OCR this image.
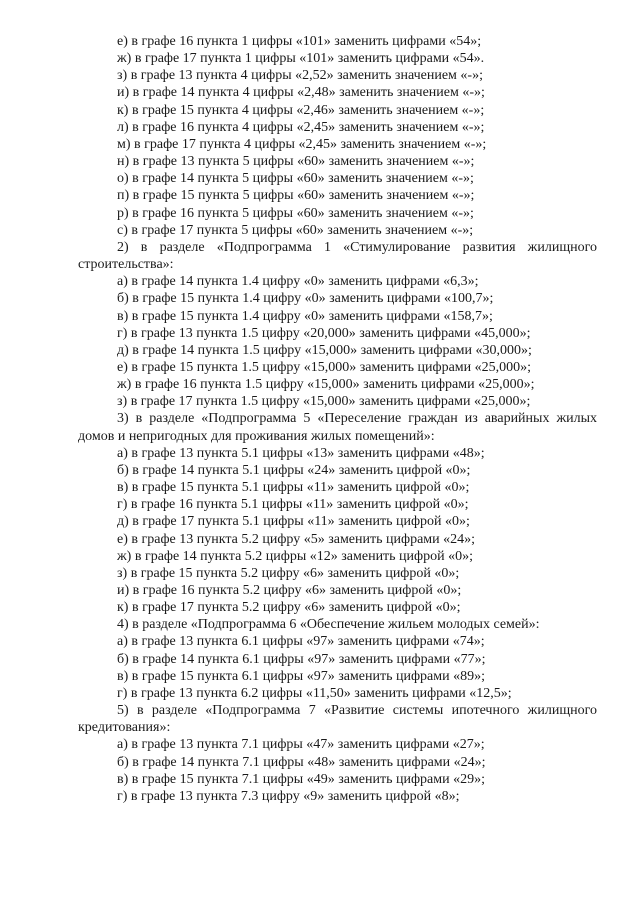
е) в графе 16 пункта 1 цифры «101» заменить цифрами «54»;
ж) в графе 17 пункта 1 цифры «101» заменить цифрами «54».
з) в графе 13 пункта 4 цифры «2,52» заменить значением «-»;
и) в графе 14 пункта 4 цифры «2,48» заменить значением «-»;
к) в графе 15 пункта 4 цифры «2,46» заменить значением «-»;
л) в графе 16 пункта 4 цифры «2,45» заменить значением «-»;
м) в графе 17 пункта 4 цифры «2,45» заменить значением «-»;
н) в графе 13 пункта 5 цифры «60» заменить значением «-»;
о) в графе 14 пункта 5 цифры «60» заменить значением «-»;
п) в графе 15 пункта 5 цифры «60» заменить значением «-»;
р) в графе 16 пункта 5 цифры «60» заменить значением «-»;
с) в графе 17 пункта 5 цифры «60» заменить значением «-»;
2) в разделе «Подпрограмма 1 «Стимулирование развития жилищного
строительства»:
а) в графе 14 пункта 1.4 цифру «0» заменить цифрами «6,3»;
б) в графе 15 пункта 1.4 цифру «0» заменить цифрами «100,7»;
в) в графе 15 пункта 1.4 цифру «0» заменить цифрами «158,7»;
г) в графе 13 пункта 1.5 цифру «20,000» заменить цифрами «45,000»;
д) в графе 14 пункта 1.5 цифру «15,000» заменить цифрами «30,000»;
е) в графе 15 пункта 1.5 цифру «15,000» заменить цифрами «25,000»;
ж) в графе 16 пункта 1.5 цифру «15,000» заменить цифрами «25,000»;
з) в графе 17 пункта 1.5 цифру «15,000» заменить цифрами «25,000»;
3) в разделе «Подпрограмма 5 «Переселение граждан из аварийных жилых
домов и непригодных для проживания жилых помещений»:
а) в графе 13 пункта 5.1 цифры «13» заменить цифрами «48»;
б) в графе 14 пункта 5.1 цифры «24» заменить цифрой «0»;
в) в графе 15 пункта 5.1 цифры «11» заменить цифрой «0»;
г) в графе 16 пункта 5.1 цифры «11» заменить цифрой «0»;
д) в графе 17 пункта 5.1 цифры «11» заменить цифрой «0»;
е) в графе 13 пункта 5.2 цифру «5» заменить цифрами «24»;
ж) в графе 14 пункта 5.2 цифры «12» заменить цифрой «0»;
з) в графе 15 пункта 5.2 цифру «6» заменить цифрой «0»;
и) в графе 16 пункта 5.2 цифру «6» заменить цифрой «0»;
к) в графе 17 пункта 5.2 цифру «6» заменить цифрой «0»;
4) в разделе «Подпрограмма 6 «Обеспечение жильем молодых семей»:
а) в графе 13 пункта 6.1 цифры «97» заменить цифрами «74»;
б) в графе 14 пункта 6.1 цифры «97» заменить цифрами «77»;
в) в графе 15 пункта 6.1 цифры «97» заменить цифрами «89»;
г) в графе 13 пункта 6.2 цифры «11,50» заменить цифрами «12,5»;
5) в разделе «Подпрограмма 7 «Развитие системы ипотечного жилищного
кредитования»:
а) в графе 13 пункта 7.1 цифры «47» заменить цифрами «27»;
б) в графе 14 пункта 7.1 цифры «48» заменить цифрами «24»;
в) в графе 15 пункта 7.1 цифры «49» заменить цифрами «29»;
г) в графе 13 пункта 7.3 цифру «9» заменить цифрой «8»;
